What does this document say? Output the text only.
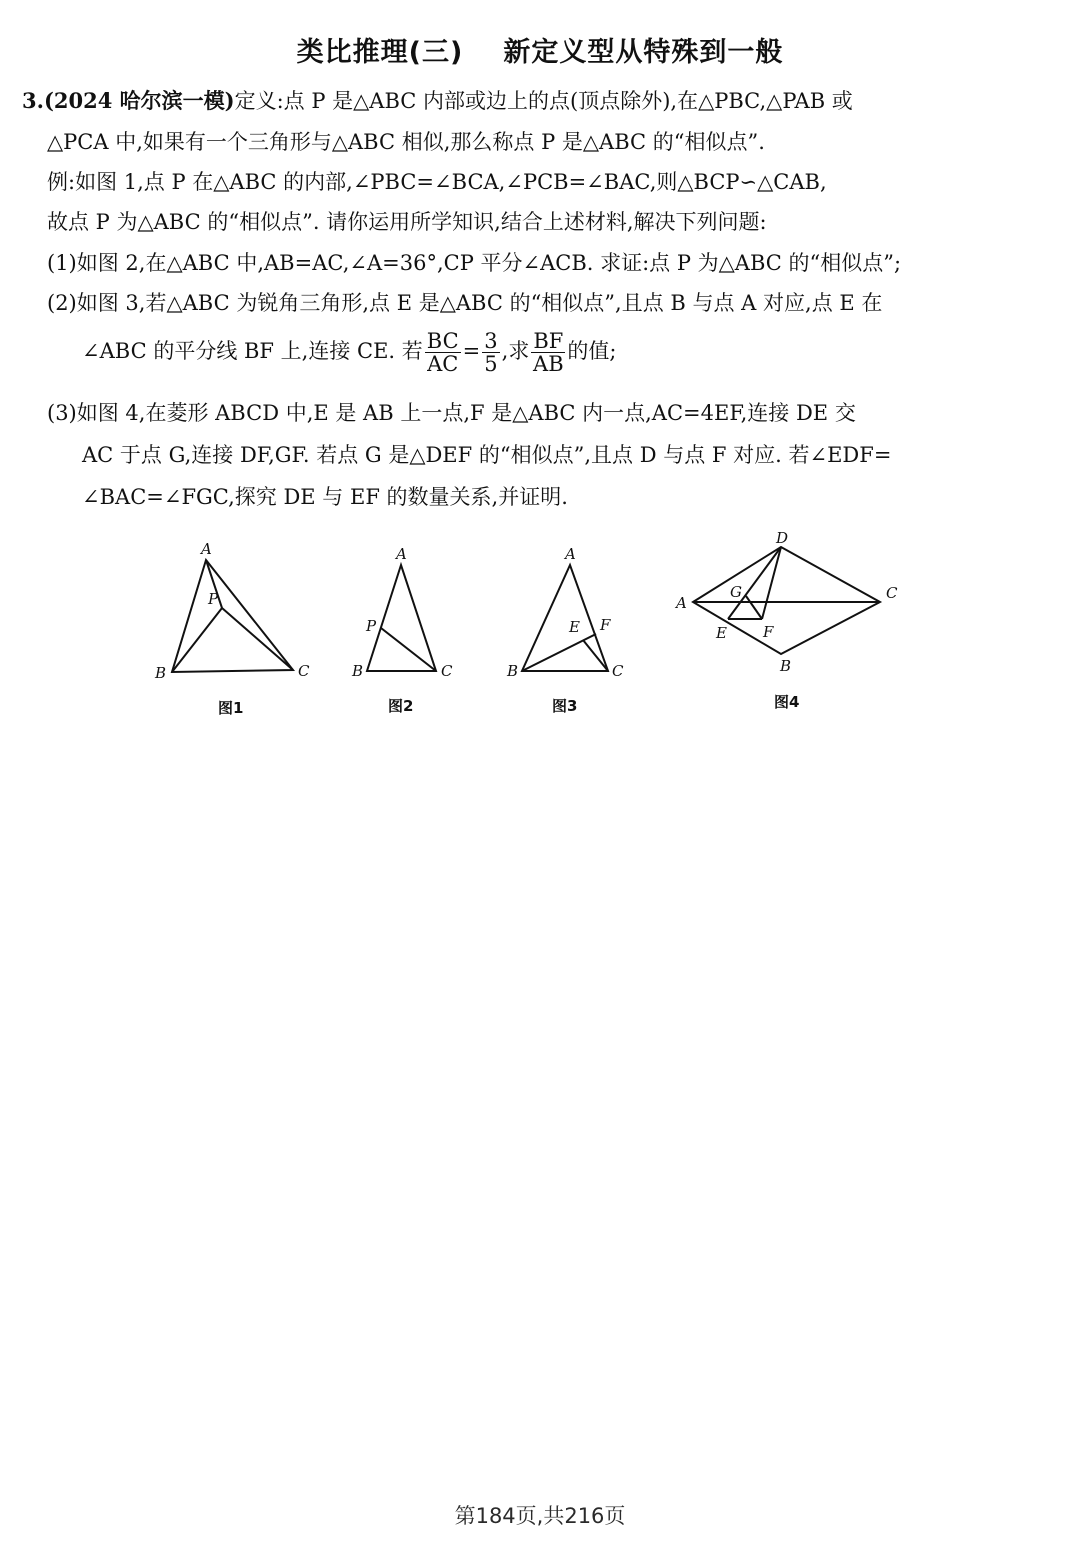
类比推理(三) 新定义型从特殊到一般
3.(2024 哈尔滨一模)定义:点 P 是△ABC 内部或边上的点(顶点除外),在△PBC,△PAB 或
△PCA 中,如果有一个三角形与△ABC 相似,那么称点 P 是△ABC 的“相似点”.
例:如图 1,点 P 在△ABC 的内部,∠PBC=∠BCA,∠PCB=∠BAC,则△BCP∽△CAB,
故点 P 为△ABC 的“相似点”. 请你运用所学知识,结合上述材料,解决下列问题:
(1)如图 2,在△ABC 中,AB=AC,∠A=36°,CP 平分∠ACB. 求证:点 P 为△ABC 的“相似点”;
(2)如图 3,若△ABC 为锐角三角形,点 E 是△ABC 的“相似点”,且点 B 与点 A 对应,点 E 在
∠ABC 的平分线 BF 上,连接 CE. 若 $\frac{BC}{AC} = \frac{3}{5}$ ,求 $\frac{BF}{AB}$ 的值;
(3)如图 4,在菱形 ABCD 中,E 是 AB 上一点,F 是△ABC 内一点,AC=4EF,连接 DE 交
AC 于点 G,连接 DF,GF. 若点 G 是△DEF 的“相似点”,且点 D 与点 F 对应. 若∠EDF=
∠BAC=∠FGC,探究 DE 与 EF 的数量关系,并证明.
A
B	C
P
图1
A
B	C
P
图2
A
B	C
E F
图3
D
A
C
B
G
E F
图4
第184页,共216页
